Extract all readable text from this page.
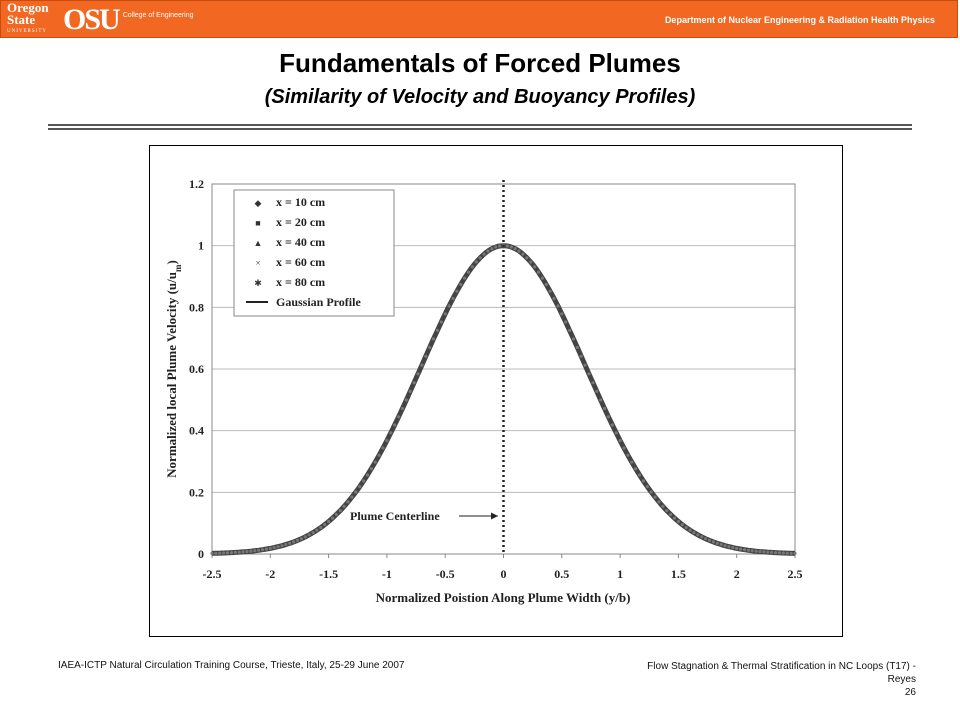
Oregon State
UNIVERSITY OSU College of Engineering	Department of Nuclear Engineering & Radiation Health Physics
Fundamentals of Forced Plumes
(Similarity of Velocity and Buoyancy Profiles)
0
0.2
0.4
0.6
0.8
1
1.2
-2.5	-2	-1.5	-1	-0.5	0	0.5	1	1.5	2	2.5
◆ x = 10 cm
■ x = 20 cm
▲ x = 40 cm
× x = 60 cm
✱ x = 80 cm
Gaussian Profile
Plume Centerline
Normalized Poistion Along Plume Width (y/b)
Normalized local Plume Velocity $(u/u_m)$
IAEA-ICTP Natural Circulation Training Course, Trieste, Italy, 25-29 June 2007	Flow Stagnation & Thermal Stratification in NC Loops (T17) -
Reyes
26
